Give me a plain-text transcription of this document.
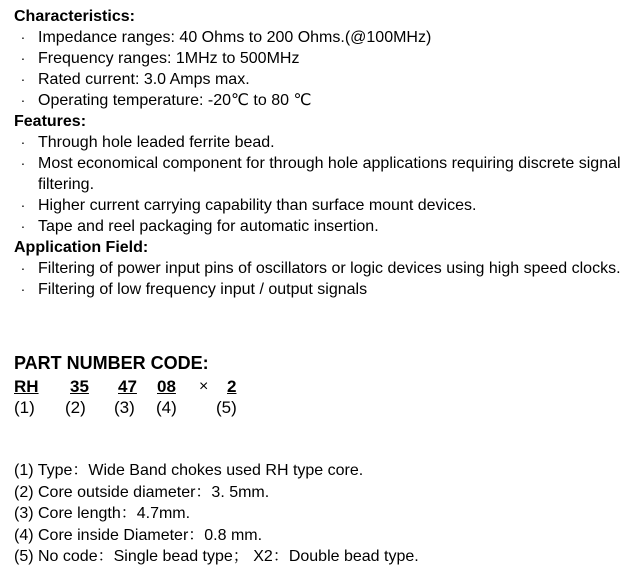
Characteristics:
· Impedance ranges: 40 Ohms to 200 Ohms.(@100MHz)
· Frequency ranges: 1MHz to 500MHz
· Rated current: 3.0 Amps max.
· Operating temperature: -20℃ to 80 ℃
Features:
· Through hole leaded ferrite bead.
· Most economical component for through hole applications requiring discrete signal filtering.
· Higher current carrying capability than surface mount devices.
· Tape and reel packaging for automatic insertion.
Application Field:
· Filtering of power input pins of oscillators or logic devices using high speed clocks.
· Filtering of low frequency input / output signals
PART NUMBER CODE:
RH 35 47 08 × 2
(1) (2) (3) (4) (5)
(1) Type：Wide Band chokes used RH type core.
(2) Core outside diameter：3. 5mm.
(3) Core length：4.7mm.
(4) Core inside Diameter：0.8 mm.
(5) No code：Single bead type； X2：Double bead type.
